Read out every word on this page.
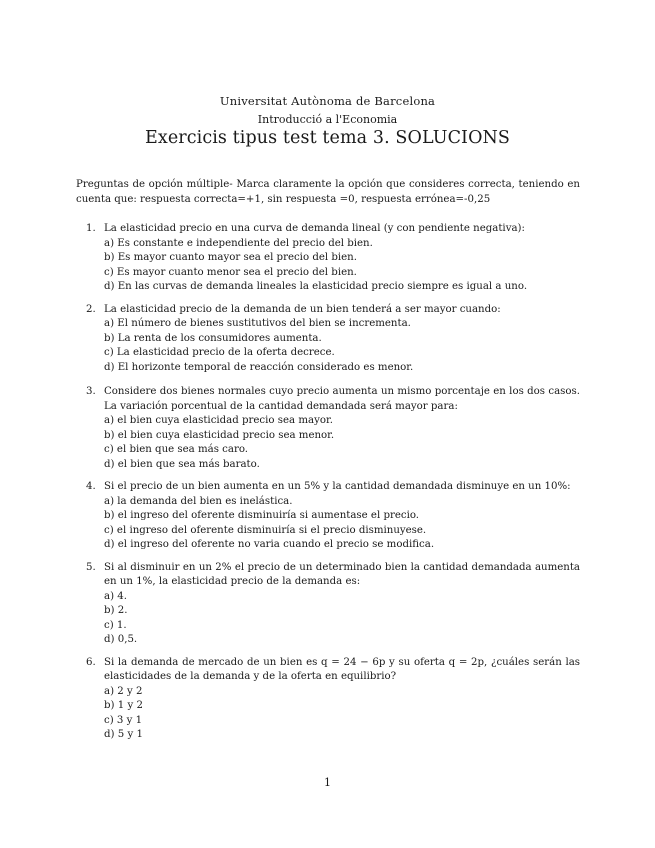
Universitat Autònoma de Barcelona
Introducció a l'Economia
Exercicis tipus test tema 3. SOLUCIONS
Preguntas de opción múltiple- Marca claramente la opción que consideres correcta, teniendo en cuenta que: respuesta correcta=+1, sin respuesta =0, respuesta errónea=-0,25
1. La elasticidad precio en una curva de demanda lineal (y con pendiente negativa):
a) Es constante e independiente del precio del bien.
b) Es mayor cuanto mayor sea el precio del bien.
c) Es mayor cuanto menor sea el precio del bien.
d) En las curvas de demanda lineales la elasticidad precio siempre es igual a uno.
2. La elasticidad precio de la demanda de un bien tenderá a ser mayor cuando:
a) El número de bienes sustitutivos del bien se incrementa.
b) La renta de los consumidores aumenta.
c) La elasticidad precio de la oferta decrece.
d) El horizonte temporal de reacción considerado es menor.
3. Considere dos bienes normales cuyo precio aumenta un mismo porcentaje en los dos casos. La variación porcentual de la cantidad demandada será mayor para:
a) el bien cuya elasticidad precio sea mayor.
b) el bien cuya elasticidad precio sea menor.
c) el bien que sea más caro.
d) el bien que sea más barato.
4. Si el precio de un bien aumenta en un 5% y la cantidad demandada disminuye en un 10%:
a) la demanda del bien es inelástica.
b) el ingreso del oferente disminuiría si aumentase el precio.
c) el ingreso del oferente disminuiría si el precio disminuyese.
d) el ingreso del oferente no varia cuando el precio se modifica.
5. Si al disminuir en un 2% el precio de un determinado bien la cantidad demandada aumenta en un 1%, la elasticidad precio de la demanda es:
a) 4.
b) 2.
c) 1.
d) 0,5.
6. Si la demanda de mercado de un bien es q = 24 − 6p y su oferta q = 2p, ¿cuáles serán las elasticidades de la demanda y de la oferta en equilibrio?
a) 2 y 2
b) 1 y 2
c) 3 y 1
d) 5 y 1
1
